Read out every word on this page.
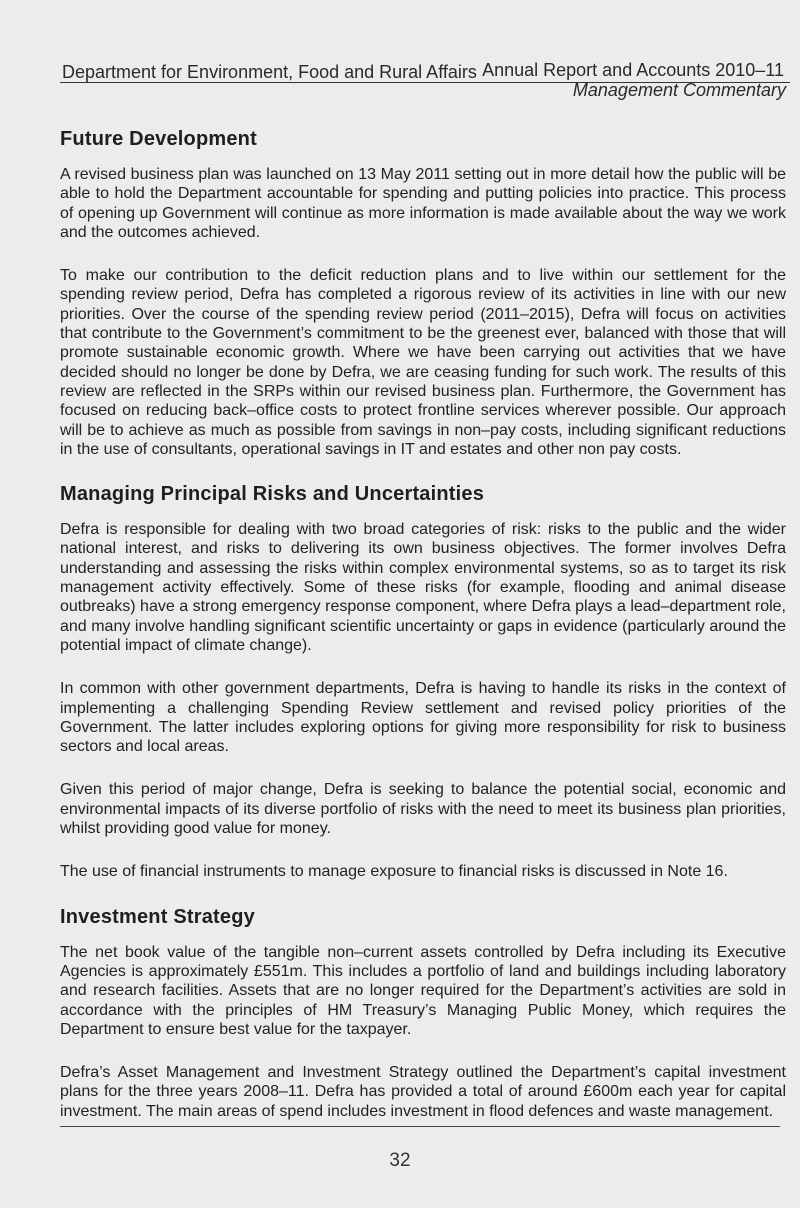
Department for Environment, Food and Rural Affairs Annual Report and Accounts 2010–11
Management Commentary
Future Development

A revised business plan was launched on 13 May 2011 setting out in more detail how the public will be able to hold the Department accountable for spending and putting policies into practice. This process of opening up Government will continue as more information is made available about the way we work and the outcomes achieved.

To make our contribution to the deficit reduction plans and to live within our settlement for the spending review period, Defra has completed a rigorous review of its activities in line with our new priorities. Over the course of the spending review period (2011–2015), Defra will focus on activities that contribute to the Government’s commitment to be the greenest ever, balanced with those that will promote sustainable economic growth. Where we have been carrying out activities that we have decided should no longer be done by Defra, we are ceasing funding for such work. The results of this review are reflected in the SRPs within our revised business plan. Furthermore, the Government has focused on reducing back–office costs to protect frontline services wherever possible. Our approach will be to achieve as much as possible from savings in non–pay costs, including significant reductions in the use of consultants, operational savings in IT and estates and other non pay costs.

Managing Principal Risks and Uncertainties

Defra is responsible for dealing with two broad categories of risk: risks to the public and the wider national interest, and risks to delivering its own business objectives. The former involves Defra understanding and assessing the risks within complex environmental systems, so as to target its risk management activity effectively. Some of these risks (for example, flooding and animal disease outbreaks) have a strong emergency response component, where Defra plays a lead–department role, and many involve handling significant scientific uncertainty or gaps in evidence (particularly around the potential impact of climate change).

In common with other government departments, Defra is having to handle its risks in the context of implementing a challenging Spending Review settlement and revised policy priorities of the Government. The latter includes exploring options for giving more responsibility for risk to business sectors and local areas.

Given this period of major change, Defra is seeking to balance the potential social, economic and environmental impacts of its diverse portfolio of risks with the need to meet its business plan priorities, whilst providing good value for money.

The use of financial instruments to manage exposure to financial risks is discussed in Note 16.

Investment Strategy

The net book value of the tangible non–current assets controlled by Defra including its Executive Agencies is approximately £551m. This includes a portfolio of land and buildings including laboratory and research facilities. Assets that are no longer required for the Department’s activities are sold in accordance with the principles of HM Treasury’s Managing Public Money, which requires the Department to ensure best value for the taxpayer.

Defra’s Asset Management and Investment Strategy outlined the Department’s capital investment plans for the three years 2008–11. Defra has provided a total of around £600m each year for capital investment. The main areas of spend includes investment in flood defences and waste management.

32
